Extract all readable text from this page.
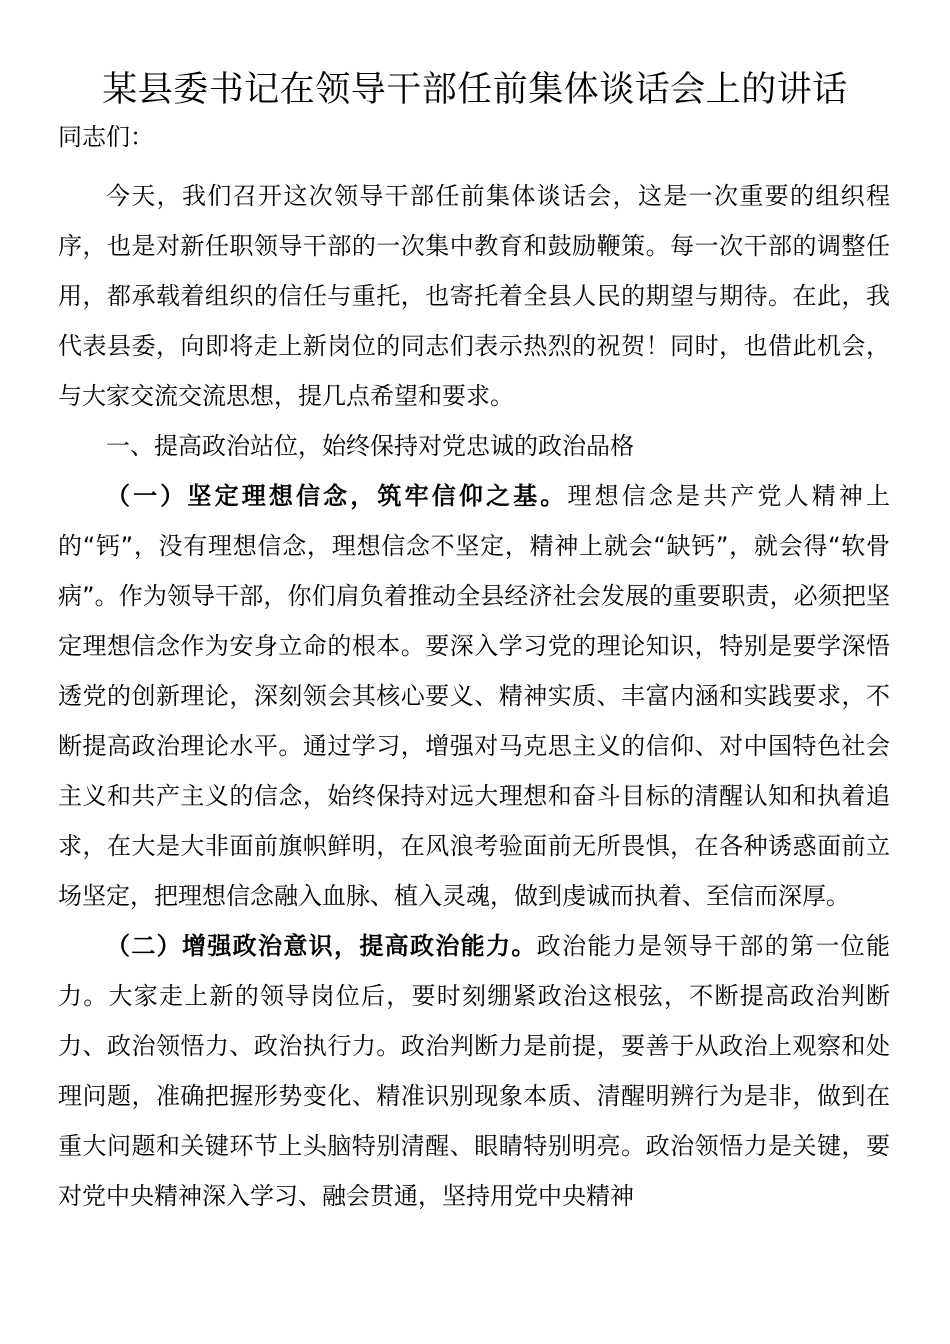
某县委书记在领导干部任前集体谈话会上的讲话

同志们：

今天，我们召开这次领导干部任前集体谈话会，这是一次重要的组织程序，也是对新任职领导干部的一次集中教育和鼓励鞭策。每一次干部的调整任用，都承载着组织的信任与重托，也寄托着全县人民的期望与期待。在此，我代表县委，向即将走上新岗位的同志们表示热烈的祝贺！同时，也借此机会，与大家交流交流思想，提几点希望和要求。

一、提高政治站位，始终保持对党忠诚的政治品格

（一）坚定理想信念，筑牢信仰之基。理想信念是共产党人精神上的“钙”，没有理想信念，理想信念不坚定，精神上就会“缺钙”，就会得“软骨病”。作为领导干部，你们肩负着推动全县经济社会发展的重要职责，必须把坚定理想信念作为安身立命的根本。要深入学习党的理论知识，特别是要学深悟透党的创新理论，深刻领会其核心要义、精神实质、丰富内涵和实践要求，不断提高政治理论水平。通过学习，增强对马克思主义的信仰、对中国特色社会主义和共产主义的信念，始终保持对远大理想和奋斗目标的清醒认知和执着追求，在大是大非面前旗帜鲜明，在风浪考验面前无所畏惧，在各种诱惑面前立场坚定，把理想信念融入血脉、植入灵魂，做到虔诚而执着、至信而深厚。

（二）增强政治意识，提高政治能力。政治能力是领导干部的第一位能力。大家走上新的领导岗位后，要时刻绷紧政治这根弦，不断提高政治判断力、政治领悟力、政治执行力。政治判断力是前提，要善于从政治上观察和处理问题，准确把握形势变化、精准识别现象本质、清醒明辨行为是非，做到在重大问题和关键环节上头脑特别清醒、眼睛特别明亮。政治领悟力是关键，要对党中央精神深入学习、融会贯通，坚持用党中央精神
